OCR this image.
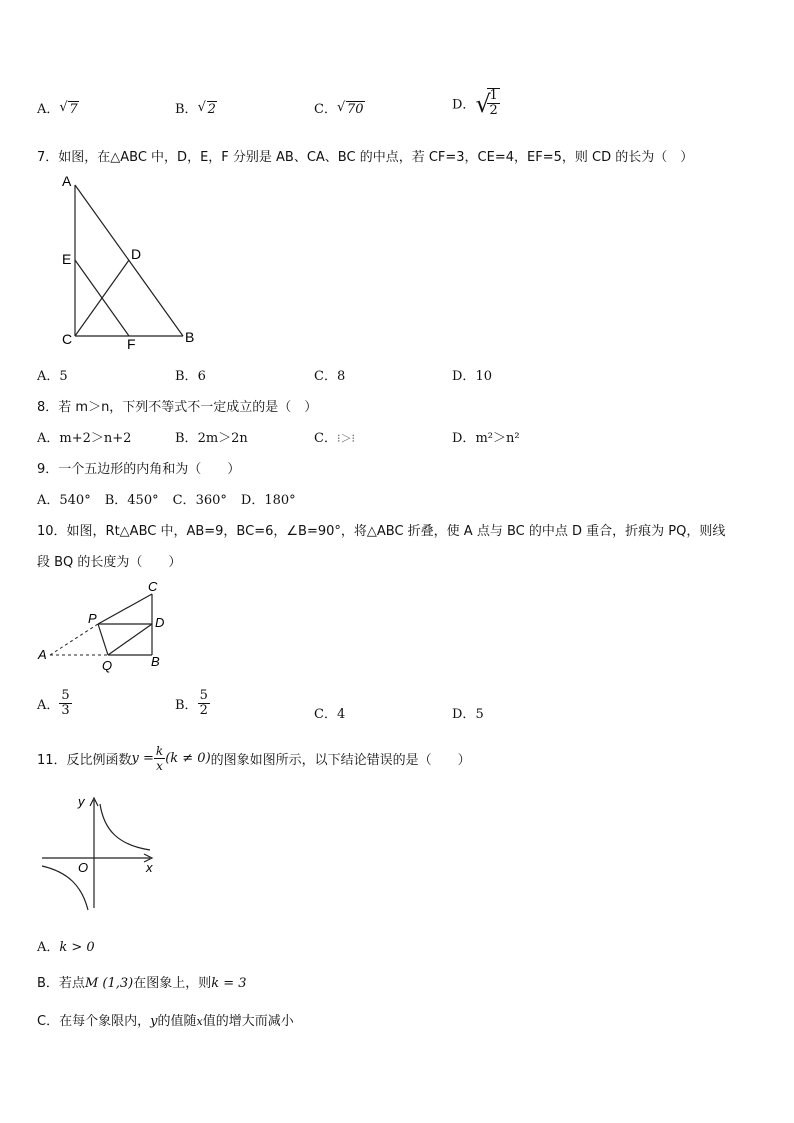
A． √ 7	B． √ 2	C． √ 70	D． √
$\frac{1}{2}$
7．如图，在△ABC 中，D，E，F 分别是 AB、CA、BC 的中点，若 CF=3，CE=4，EF=5，则 CD 的长为（　）
A
E	D
C	F	B
A．5	B．6	C．8	D．10
8．若 m＞n，下列不等式不一定成立的是（　）
A．m+2＞n+2	B．2m＞2n	C．⁝＞⁝	D．m²＞n²
9．一个五边形的内角和为（　　）
A．540° B．450° C．360° D．180°
10．如图，Rt△ABC 中，AB=9，BC=6，∠B=90°，将△ABC 折叠，使 A 点与 BC 的中点 D 重合，折痕为 PQ，则线
段 BQ 的长度为（　　）
C
P	D
A
Q	B
A． $\frac{5}{3}$	B． $\frac{5}{2}$	C．4	D．5
11．反比例函数$y = \frac{k}{x} (k \ne 0)$的图象如图所示，以下结论错误的是（　　）
y
x
O
A．k > 0
B．若点M (1,3)在图象上，则k = 3
C．在每个象限内，y的值随x值的增大而减小
